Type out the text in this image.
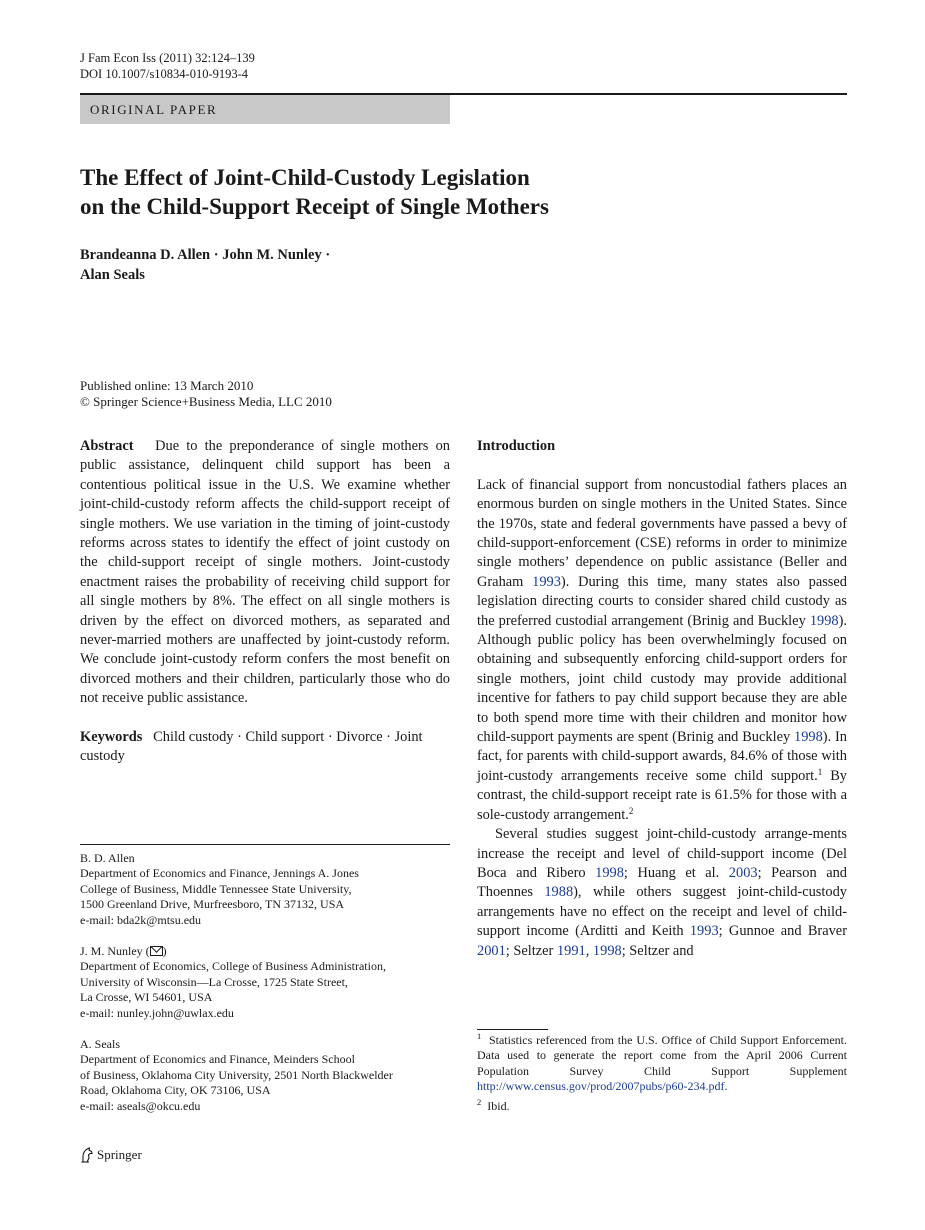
J Fam Econ Iss (2011) 32:124–139
DOI 10.1007/s10834-010-9193-4
ORIGINAL PAPER
The Effect of Joint-Child-Custody Legislation
on the Child-Support Receipt of Single Mothers
Brandeanna D. Allen · John M. Nunley ·
Alan Seals
Published online: 13 March 2010
© Springer Science+Business Media, LLC 2010

Abstract Due to the preponderance of single mothers on public assistance, delinquent child support has been a contentious political issue in the U.S. We examine whether joint-child-custody reform affects the child-support receipt of single mothers. We use variation in the timing of joint-custody reforms across states to identify the effect of joint custody on the child-support receipt of single mothers. Joint-custody enactment raises the probability of receiving child support for all single mothers by 8%. The effect on all single mothers is driven by the effect on divorced mothers, as separated and never-married mothers are unaffected by joint-custody reform. We conclude joint-custody reform confers the most benefit on divorced mothers and their children, particularly those who do not receive public assistance.

Keywords Child custody · Child support · Divorce · Joint custody

B. D. Allen
Department of Economics and Finance, Jennings A. Jones
College of Business, Middle Tennessee State University,
1500 Greenland Drive, Murfreesboro, TN 37132, USA
e-mail: bda2k@mtsu.edu
J. M. Nunley ( )
Department of Economics, College of Business Administration,
University of Wisconsin—La Crosse, 1725 State Street,
La Crosse, WI 54601, USA
e-mail: nunley.john@uwlax.edu
A. Seals
Department of Economics and Finance, Meinders School
of Business, Oklahoma City University, 2501 North Blackwelder
Road, Oklahoma City, OK 73106, USA
e-mail: aseals@okcu.edu
Introduction

Lack of financial support from noncustodial fathers places an enormous burden on single mothers in the United States. Since the 1970s, state and federal governments have passed a bevy of child-support-enforcement (CSE) reforms in order to minimize single mothers’ dependence on public assistance (Beller and Graham 1993). During this time, many states also passed legislation directing courts to consider shared child custody as the preferred custodial arrangement (Brinig and Buckley 1998). Although public policy has been overwhelmingly focused on obtaining and subsequently enforcing child-support orders for single mothers, joint child custody may provide additional incentive for fathers to pay child support because they are able to both spend more time with their children and monitor how child-support payments are spent (Brinig and Buckley 1998). In fact, for parents with child-support awards, 84.6% of those with joint-custody arrangements receive some child support.$^1$ By contrast, the child-support receipt rate is 61.5% for those with a sole-custody arrangement.$^2$

Several studies suggest joint-child-custody arrange-ments increase the receipt and level of child-support income (Del Boca and Ribero 1998; Huang et al. 2003; Pearson and Thoennes 1988), while others suggest joint-child-custody arrangements have no effect on the receipt and level of child-support income (Arditti and Keith 1993; Gunnoe and Braver 2001; Seltzer 1991, 1998; Seltzer and

$^1$ Statistics referenced from the U.S. Office of Child Support Enforcement. Data used to generate the report come from the April 2006 Current Population Survey Child Support Supplement http://www.census.gov/prod/2007pubs/p60-234.pdf.

$^2$ Ibid.

Springer
